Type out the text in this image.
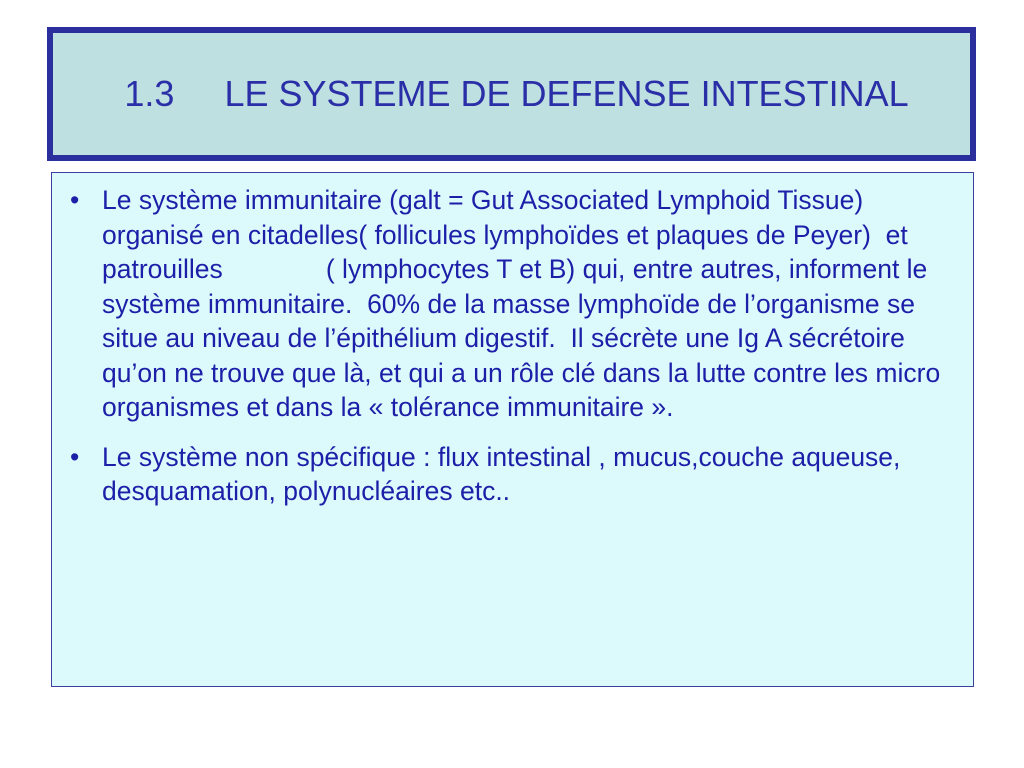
1.3     LE SYSTEME DE DEFENSE INTESTINAL
• Le système immunitaire (galt = Gut Associated Lymphoid Tissue) organisé en citadelles( follicules lymphoïdes et plaques de Peyer)  et patrouilles              ( lymphocytes T et B) qui, entre autres, informent le système immunitaire.  60% de la masse lymphoïde de l’organisme se situe au niveau de l’épithélium digestif.  Il sécrète une Ig A sécrétoire qu’on ne trouve que là, et qui a un rôle clé dans la lutte contre les micro organismes et dans la « tolérance immunitaire ».
• Le système non spécifique : flux intestinal , mucus,couche aqueuse, desquamation, polynucléaires etc..
